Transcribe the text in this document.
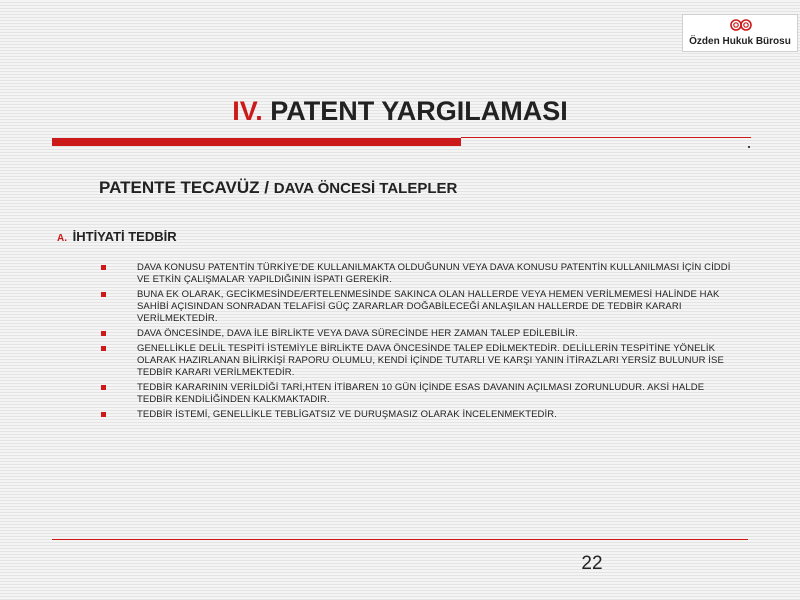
Özden Hukuk Bürosu
IV. PATENT YARGILAMASI
PATENTE TECAVÜZ / DAVA ÖNCESİ TALEPLER
A. İHTİYATİ TEDBİR
DAVA KONUSU PATENTİN TÜRKİYE’DE KULLANILMAKTA OLDUĞUNUN VEYA DAVA KONUSU PATENTİN KULLANILMASI İÇİN CİDDİ VE ETKİN ÇALIŞMALAR YAPILDIĞININ İSPATI GEREKİR.
BUNA EK OLARAK, GECİKMESİNDE/ERTELENMESİNDE SAKINCA OLAN HALLERDE VEYA HEMEN VERİLMEMESİ HALİNDE HAK SAHİBİ AÇISINDAN SONRADAN TELAFİSİ GÜÇ ZARARLAR DOĞABİLECEĞİ ANLAŞILAN HALLERDE DE TEDBİR KARARI VERİLMEKTEDİR.
DAVA ÖNCESİNDE, DAVA İLE BİRLİKTE VEYA DAVA SÜRECİNDE HER ZAMAN TALEP EDİLEBİLİR.
GENELLİKLE DELİL TESPİTİ İSTEMİYLE BİRLİKTE DAVA ÖNCESİNDE TALEP EDİLMEKTEDİR. DELİLLERİN TESPİTİNE YÖNELİK OLARAK HAZIRLANAN BİLİRKİŞİ RAPORU OLUMLU, KENDİ İÇİNDE TUTARLI VE KARŞI YANIN İTİRAZLARI YERSİZ BULUNUR İSE TEDBİR KARARI VERİLMEKTEDİR.
TEDBİR KARARININ VERİLDİĞİ TARİ,HTEN İTİBAREN 10 GÜN İÇİNDE ESAS DAVANIN AÇILMASI ZORUNLUDUR. AKSİ HALDE TEDBİR KENDİLİĞİNDEN KALKMAKTADIR.
TEDBİR İSTEMİ, GENELLİKLE TEBLİGATSIZ VE DURUŞMASIZ OLARAK İNCELENMEKTEDİR.
22
